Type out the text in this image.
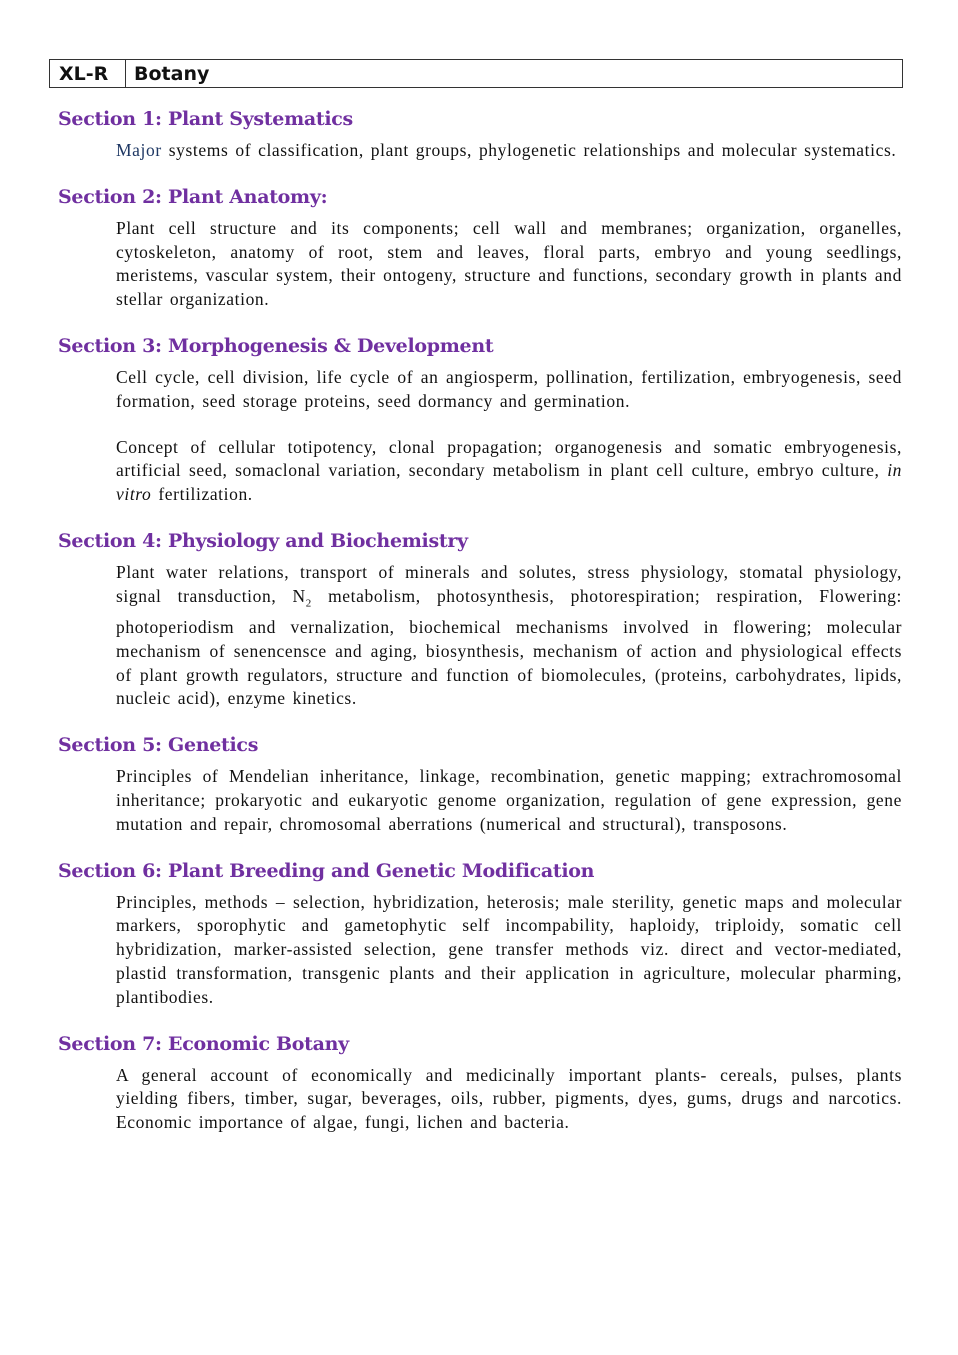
XL-R	Botany
Section 1: Plant Systematics

Major systems of classification, plant groups, phylogenetic relationships and molecular systematics.

Section 2: Plant Anatomy:

Plant cell structure and its components; cell wall and membranes; organization, organelles, cytoskeleton, anatomy of root, stem and leaves, floral parts, embryo and young seedlings, meristems, vascular system, their ontogeny, structure and functions, secondary growth in plants and stellar organization.

Section 3: Morphogenesis & Development

Cell cycle, cell division, life cycle of an angiosperm, pollination, fertilization, embryogenesis, seed formation, seed storage proteins, seed dormancy and germination.

Concept of cellular totipotency, clonal propagation; organogenesis and somatic embryogenesis, artificial seed, somaclonal variation, secondary metabolism in plant cell culture, embryo culture, in vitro fertilization.

Section 4: Physiology and Biochemistry

Plant water relations, transport of minerals and solutes, stress physiology, stomatal physiology, signal transduction, $N_2$ metabolism, photosynthesis, photorespiration; respiration, Flowering: photoperiodism and vernalization, biochemical mechanisms involved in flowering; molecular mechanism of senencensce and aging, biosynthesis, mechanism of action and physiological effects of plant growth regulators, structure and function of biomolecules, (proteins, carbohydrates, lipids, nucleic acid), enzyme kinetics.

Section 5: Genetics

Principles of Mendelian inheritance, linkage, recombination, genetic mapping; extrachromosomal inheritance; prokaryotic and eukaryotic genome organization, regulation of gene expression, gene mutation and repair, chromosomal aberrations (numerical and structural), transposons.

Section 6: Plant Breeding and Genetic Modification

Principles, methods – selection, hybridization, heterosis; male sterility, genetic maps and molecular markers, sporophytic and gametophytic self incompability, haploidy, triploidy, somatic cell hybridization, marker-assisted selection, gene transfer methods viz. direct and vector-mediated, plastid transformation, transgenic plants and their application in agriculture, molecular pharming, plantibodies.

Section 7: Economic Botany

A general account of economically and medicinally important plants- cereals, pulses, plants yielding fibers, timber, sugar, beverages, oils, rubber, pigments, dyes, gums, drugs and narcotics. Economic importance of algae, fungi, lichen and bacteria.
